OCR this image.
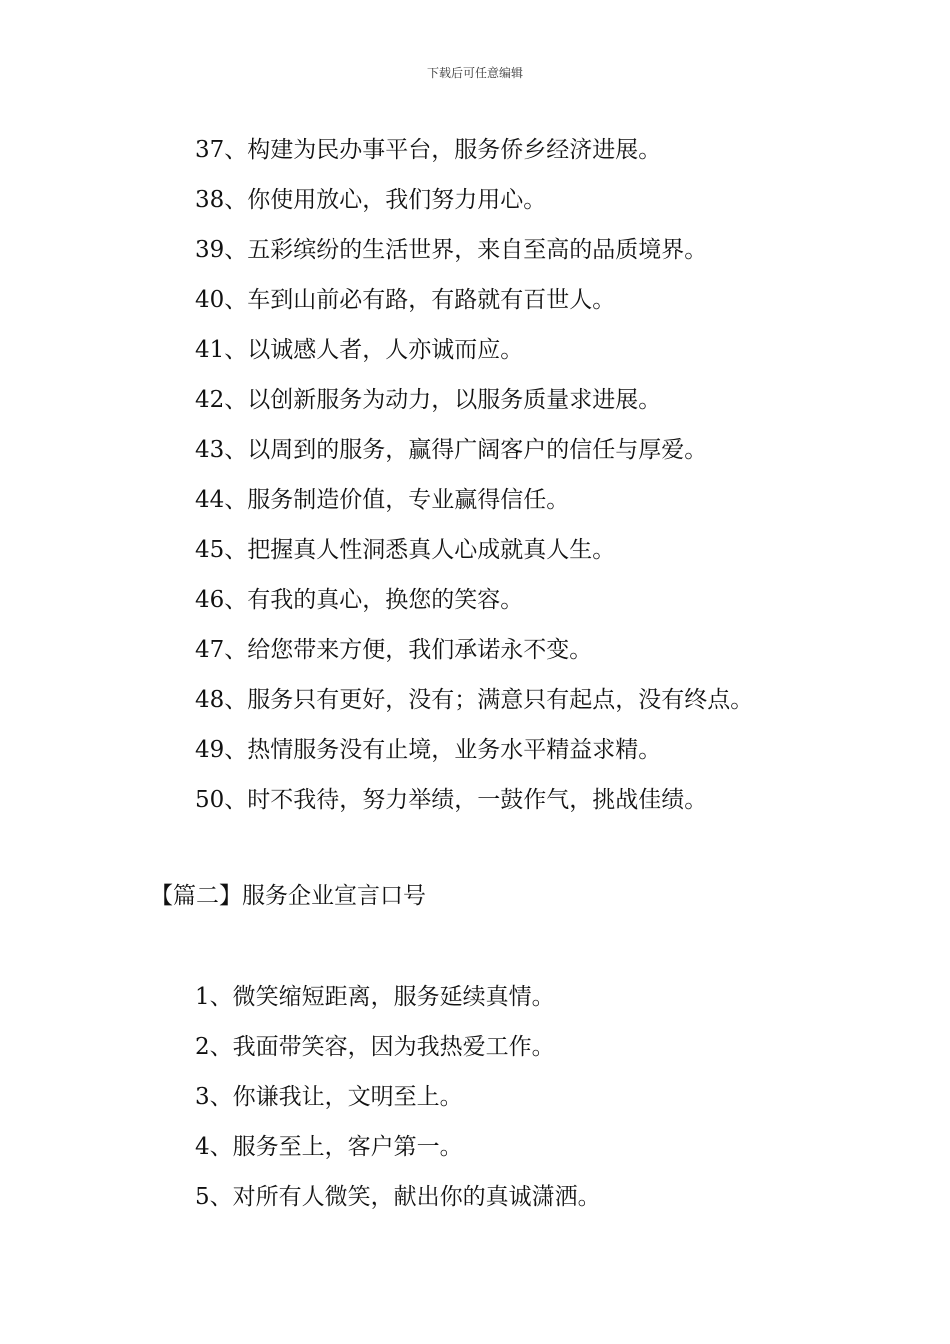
下载后可任意编辑
37、构建为民办事平台，服务侨乡经济进展。
38、你使用放心，我们努力用心。
39、五彩缤纷的生活世界，来自至高的品质境界。
40、车到山前必有路，有路就有百世人。
41、以诚感人者，人亦诚而应。
42、以创新服务为动力，以服务质量求进展。
43、以周到的服务，赢得广阔客户的信任与厚爱。
44、服务制造价值，专业赢得信任。
45、把握真人性洞悉真人心成就真人生。
46、有我的真心，换您的笑容。
47、给您带来方便，我们承诺永不变。
48、服务只有更好，没有；满意只有起点，没有终点。
49、热情服务没有止境，业务水平精益求精。
50、时不我待，努力举绩，一鼓作气，挑战佳绩。
【篇二】服务企业宣言口号
1、微笑缩短距离，服务延续真情。
2、我面带笑容，因为我热爱工作。
3、你谦我让，文明至上。
4、服务至上，客户第一。
5、对所有人微笑，献出你的真诚潇洒。
